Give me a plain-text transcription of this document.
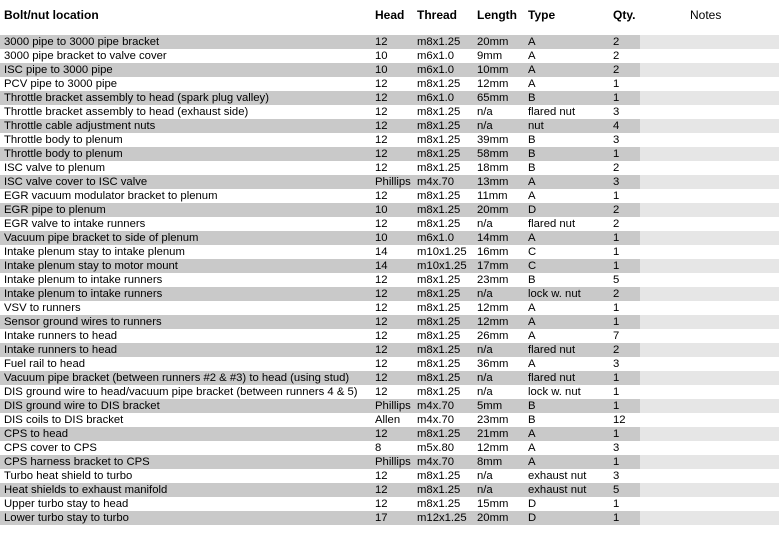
Bolt/nut location	Head Thread Length Type	Qty.	Notes
3000 pipe to 3000 pipe bracket	12	m8x1.25 20mm A	2
3000 pipe bracket to valve cover	10	m6x1.0 9mm A	2
ISC pipe to 3000 pipe	10	m6x1.0 10mm A	2
PCV pipe to 3000 pipe	12	m8x1.25 12mm A	1
Throttle bracket assembly to head (spark plug valley)	12	m6x1.0 65mm B	1
Throttle bracket assembly to head (exhaust side)	12	m8x1.25 n/a	flared nut	3
Throttle cable adjustment nuts	12	m8x1.25 n/a	nut	4
Throttle body to plenum	12	m8x1.25 39mm B	3
Throttle body to plenum	12	m8x1.25 58mm B	1
ISC valve to plenum	12	m8x1.25 18mm B	2
ISC valve cover to ISC valve	Phillips m4x.70 13mm A	3
EGR vacuum modulator bracket to plenum	12	m8x1.25 11mm A	1
EGR pipe to plenum	10	m8x1.25 20mm D	2
EGR valve to intake runners	12	m8x1.25 n/a	flared nut	2
Vacuum pipe bracket to side of plenum	10	m6x1.0 14mm A	1
Intake plenum stay to intake plenum	14	m10x1.25 16mm C	1
Intake plenum stay to motor mount	14	m10x1.25 17mm C	1
Intake plenum to intake runners	12	m8x1.25 23mm B	5
Intake plenum to intake runners	12	m8x1.25 n/a	lock w. nut	2
VSV to runners	12	m8x1.25 12mm A	1
Sensor ground wires to runners	12	m8x1.25 12mm A	1
Intake runners to head	12	m8x1.25 26mm A	7
Intake runners to head	12	m8x1.25 n/a	flared nut	2
Fuel rail to head	12	m8x1.25 36mm A	3
Vacuum pipe bracket (between runners #2 & #3) to head (using stud) 12	m8x1.25 n/a	flared nut	1
DIS ground wire to head/vacuum pipe bracket (between runners 4 & 5) 12	m8x1.25 n/a	lock w. nut	1
DIS ground wire to DIS bracket	Phillips m4x.70 5mm B	1
DIS coils to DIS bracket	Allen m4x.70 23mm B	12
CPS to head	12	m8x1.25 21mm A	1
CPS cover to CPS	8	m5x.80 12mm A	3
CPS harness bracket to CPS	Phillips m4x.70 8mm A	1
Turbo heat shield to turbo	12	m8x1.25 n/a	exhaust nut 3
Heat shields to exhaust manifold	12	m8x1.25 n/a	exhaust nut 5
Upper turbo stay to head	12	m8x1.25 15mm D	1
Lower turbo stay to turbo	17	m12x1.25 20mm D	1
